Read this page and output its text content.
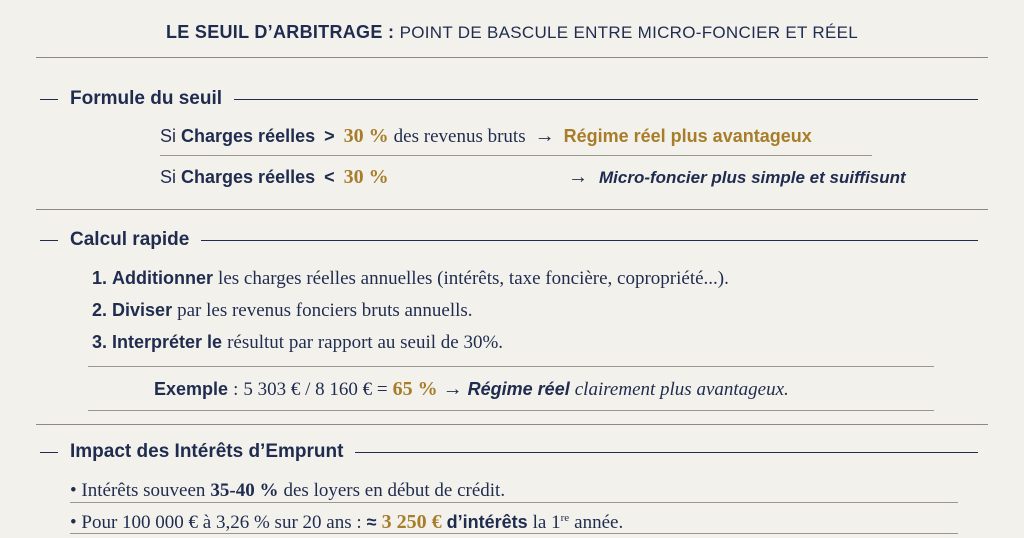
LE SEUIL D’ARBITRAGE : POINT DE BASCULE ENTRE MICRO-FONCIER ET RÉEL
Formule du seuil
Si Charges réelles > 30 % des revenus bruts → Régime réel plus avantageux
Si Charges réelles < 30 %	→ Micro-foncier plus simple et suiffisunt
Calcul rapide
1. Additionner les charges réelles annuelles (intérêts, taxe foncière, copropriété...).
2. Diviser par les revenus fonciers bruts annuells.
3. Interpréter le résultut par rapport au seuil de 30%.
Exemple : 5 303 € / 8 160 € = 65 % → Régime réel clairement plus avantageux.
Impact des Intérêts d’Emprunt
• Intérêts souveen 35-40 % des loyers en début de crédit.
• Pour 100 000 € à 3,26 % sur 20 ans : ≈ 3 250 € d’intérêts la 1re année.
